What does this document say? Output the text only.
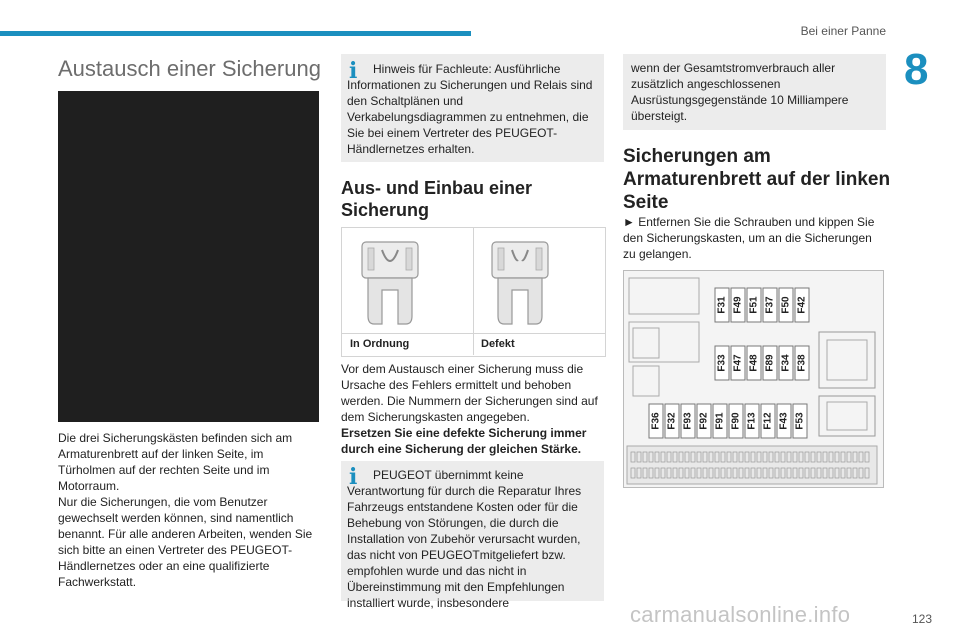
Bei einer Panne
8
Austausch einer Sicherung

Die drei Sicherungskästen befinden sich am Armaturenbrett auf der linken Seite, im Türholmen auf der rechten Seite und im Motorraum.

Nur die Sicherungen, die vom Benutzer gewechselt werden können, sind namentlich benannt. Für alle anderen Arbeiten, wenden Sie sich bitte an einen Vertreter des PEUGEOT-Händlernetzes oder an eine qualifizierte Fachwerkstatt.

i	Hinweis für Fachleute: Ausführliche Informationen zu Sicherungen und Relais sind den Schaltplänen und Verkabelungsdiagrammen zu entnehmen, die Sie bei einem Vertreter des PEUGEOT-Händlernetzes erhalten.
Aus- und Einbau einer Sicherung
In Ordnung	Defekt

Vor dem Austausch einer Sicherung muss die Ursache des Fehlers ermittelt und behoben werden. Die Nummern der Sicherungen sind auf dem Sicherungskasten angegeben.

Ersetzen Sie eine defekte Sicherung immer durch eine Sicherung der gleichen Stärke.

i	PEUGEOT übernimmt keine Verantwortung für durch die Reparatur Ihres Fahrzeugs entstandene Kosten oder für die Behebung von Störungen, die durch die Installation von Zubehör verursacht wurden, das nicht von PEUGEOTmitgeliefert bzw. empfohlen wurde und das nicht in Übereinstimmung mit den Empfehlungen installiert wurde, insbesondere
wenn der Gesamtstromverbrauch aller zusätzlich angeschlossenen Ausrüstungsgegenstände 10 Milliampere übersteigt.
Sicherungen am Armaturenbrett auf der linken Seite

► Entfernen Sie die Schrauben und kippen Sie den Sicherungskasten, um an die Sicherungen zu gelangen.

F31 F49 F51 F37 F50 F42
F33 F47 F48 F89 F34 F38
F36 F32 F93 F92 F91 F90 F13 F12 F43 F53
carmanualsonline.info	123
